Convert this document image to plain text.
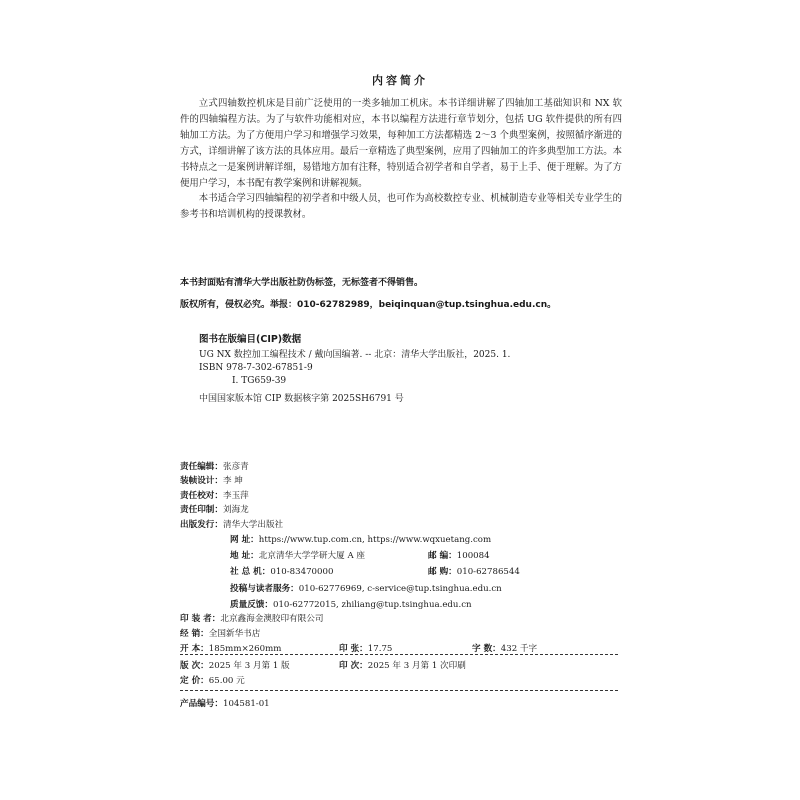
内容简介
立式四轴数控机床是目前广泛使用的一类多轴加工机床。本书详细讲解了四轴加工基础知识和 NX 软件的四轴编程方法。为了与软件功能相对应，本书以编程方法进行章节划分，包括 UG 软件提供的所有四轴加工方法。为了方便用户学习和增强学习效果，每种加工方法都精选 2～3 个典型案例，按照循序渐进的方式，详细讲解了该方法的具体应用。最后一章精选了典型案例，应用了四轴加工的许多典型加工方法。本书特点之一是案例讲解详细，易错地方加有注释，特别适合初学者和自学者，易于上手、便于理解。为了方便用户学习，本书配有教学案例和讲解视频。
本书适合学习四轴编程的初学者和中级人员，也可作为高校数控专业、机械制造专业等相关专业学生的参考书和培训机构的授课教材。
本书封面贴有清华大学出版社防伪标签，无标签者不得销售。
版权所有，侵权必究。举报：010-62782989，beiqinquan@tup.tsinghua.edu.cn。
图书在版编目(CIP)数据
UG NX 数控加工编程技术 / 戴向国编著. -- 北京：清华大学出版社，2025. 1.
ISBN 978-7-302-67851-9
Ⅰ. TG659-39
中国国家版本馆 CIP 数据核字第 2025SH6791 号
责任编辑：张彦青
装帧设计：李 坤
责任校对：李玉萍
责任印制：刘海龙
出版发行：清华大学出版社
网 址：https://www.tup.com.cn, https://www.wqxuetang.com
地 址：北京清华大学学研大厦 A 座	邮 编：100084
社 总 机：010-83470000	邮 购：010-62786544
投稿与读者服务：010-62776969, c-service@tup.tsinghua.edu.cn
质量反馈：010-62772015, zhiliang@tup.tsinghua.edu.cn
印 装 者：北京鑫海金澳胶印有限公司
经 销：全国新华书店
开 本：185mm×260mm	印 张：17.75	字 数：432 千字
版 次：2025 年 3 月第 1 版	印 次：2025 年 3 月第 1 次印刷
定 价：65.00 元
产品编号：104581-01
